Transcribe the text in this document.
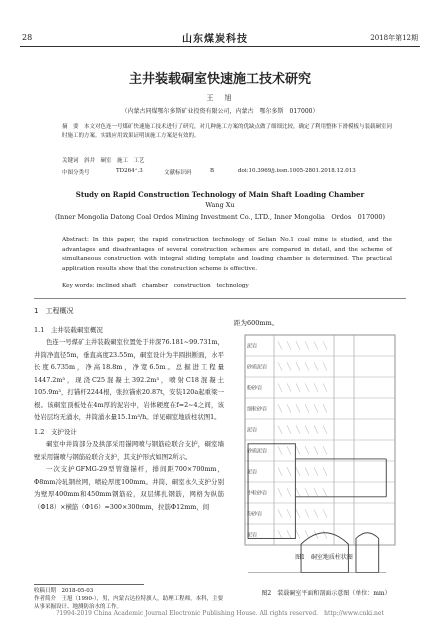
28	山东煤炭科技	2018年第12期
主井装载硐室快速施工技术研究
王　旭
（内蒙古同煤鄂尔多斯矿业投资有限公司，内蒙古　鄂尔多斯　017000）
摘　要　本文对色连一号煤矿快速施工技术进行了研究，对几种施工方案的优缺点做了细细比较，确定了利用整体下滑模板与装载硐室同时施工的方案。实践应用效果证明该施工方案是有效的。
关键词　斜井　硐室　施工　工艺
中图分类号	TD264⁺.3	文献标识码	B	doi:10.3969/j.issn.1005-2801.2018.12.013
Study on Rapid Construction Technology of Main Shaft Loading Chamber
Wang Xu
(Inner Mongolia Datong Coal Ordos Mining Investment Co., LTD., Inner Mongolia　Ordos　017000)
Abstract: In this paper, the rapid construction technology of Selian No.1 coal mine is studied, and the advantages and disadvantages of several construction schemes are compared in detail, and the scheme of simultaneous construction with integral sliding template and loading chamber is determined. The practical application results show that the construction scheme is effective.
Key words: inclined shaft　chamber　construction　technology
1　工程概况
1.1　主井装载硐室概况

色连一号煤矿主井装载硐室位置处于井深76.181~99.731m，井筒净直径5m，垂直高度23.55m，硐室设计为半圆拱断面，水平长度6.735m，净高18.8m，净宽6.5m。总掘进工程量1447.2m³，现浇C25混凝土392.2m³，喷射C18混凝土105.9m³，打锚杆2244根，张拉锚索20.87t，安装120a起重梁一根。该硐室顶板处在4m厚的泥岩中，岩体硬度在f=2~4之间，该处岩层均无涌水，井筒涌水量15.1m³/h。详见硐室地质柱状图1。

1.2　支护设计

硐室中井筒部分及拱部采用锚网喷与钢筋砼联合支护，硐室墙壁采用锚喷与钢筋砼联合支护，其支护形式如图2所示。

一次支护GFMG-29型管缝锚杆，排间距700×700mm，Φ8mm冷轧钢丝网，喷砼厚度100mm。井筒、硐室永久支护分别为壁厚400mm和450mm钢筋砼，双层绑扎钢筋，网格为纵筋（Φ18）×横筋（Φ16）=300×300mm，拉筋Φ12mm，间

距为600mm。
泥岩
砂质泥岩
粉砂岩
细粒砂岩
泥岩
砂质泥岩
泥岩
中粒砂岩
粉砂岩
泥岩
图1　硐室地质柱状图
图2　装载硐室平面和剖面示意图（单位：mm）
收稿日期　2018-05-03
作者简介　王旭（1990-），男，内蒙古达拉特旗人，助理工程师，本科，主要从事采掘设计、地测防治水的工作。
?1994-2019 China Academic Journal Electronic Publishing House. All rights reserved.　http://www.cnki.net
